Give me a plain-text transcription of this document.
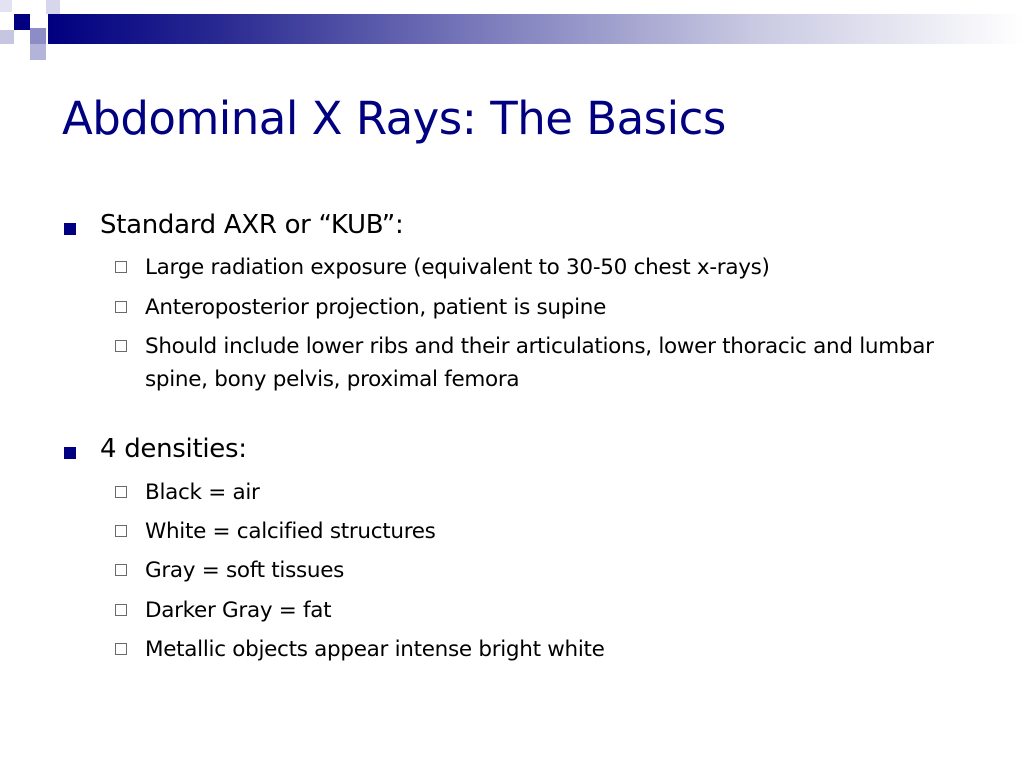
Abdominal X Rays: The Basics
Standard AXR or “KUB”:
Large radiation exposure (equivalent to 30-50 chest x-rays)
Anteroposterior projection, patient is supine
Should include lower ribs and their articulations, lower thoracic and lumbar spine, bony pelvis, proximal femora
4 densities:
Black = air
White = calcified structures
Gray = soft tissues
Darker Gray = fat
Metallic objects appear intense bright white
